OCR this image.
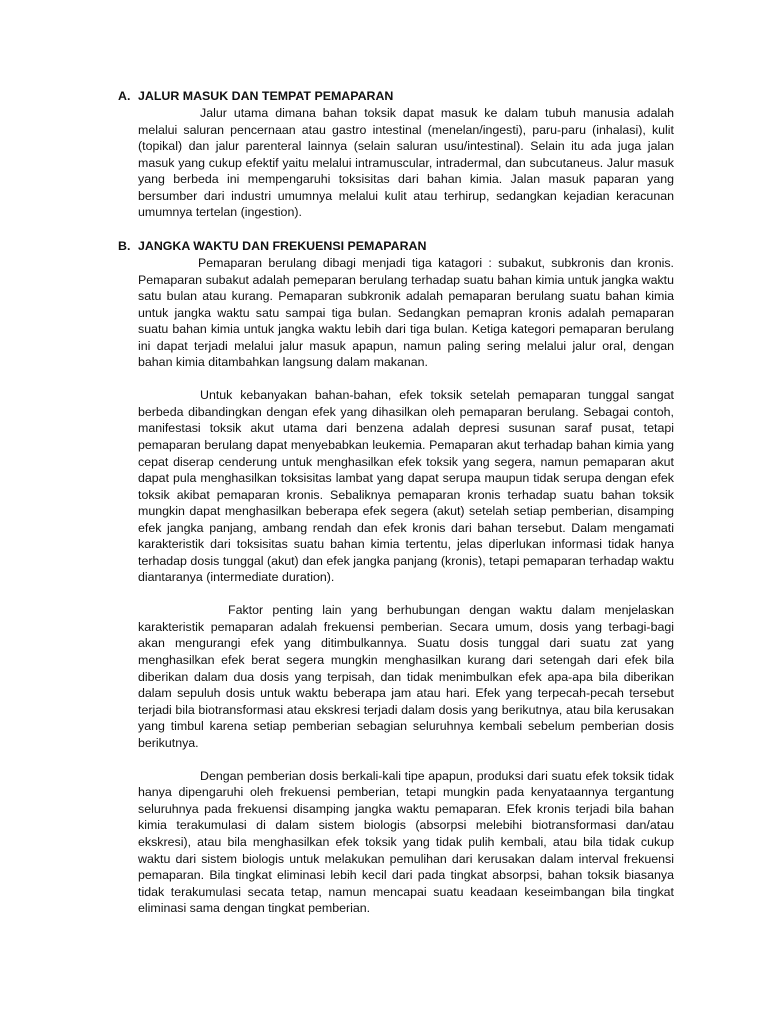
A. JALUR MASUK DAN TEMPAT PEMAPARAN

Jalur utama dimana bahan toksik dapat masuk ke dalam tubuh manusia adalah melalui saluran pencernaan atau gastro intestinal (menelan/ingesti), paru-paru (inhalasi), kulit (topikal) dan jalur parenteral lainnya (selain saluran usu/intestinal). Selain itu ada juga jalan masuk yang cukup efektif yaitu melalui intramuscular, intradermal, dan subcutaneus. Jalur masuk yang berbeda ini mempengaruhi toksisitas dari bahan kimia. Jalan masuk paparan yang bersumber dari industri umumnya melalui kulit atau terhirup, sedangkan kejadian keracunan umumnya tertelan (ingestion).

B. JANGKA WAKTU DAN FREKUENSI PEMAPARAN

Pemaparan berulang dibagi menjadi tiga katagori : subakut, subkronis dan kronis. Pemaparan subakut adalah pemeparan berulang terhadap suatu bahan kimia untuk jangka waktu satu bulan atau kurang. Pemaparan subkronik adalah pemaparan berulang suatu bahan kimia untuk jangka waktu satu sampai tiga bulan. Sedangkan pemapran kronis adalah pemaparan suatu bahan kimia untuk jangka waktu lebih dari tiga bulan. Ketiga kategori pemaparan berulang ini dapat terjadi melalui jalur masuk apapun, namun paling sering melalui jalur oral, dengan bahan kimia ditambahkan langsung dalam makanan.

Untuk kebanyakan bahan-bahan, efek toksik setelah pemaparan tunggal sangat berbeda dibandingkan dengan efek yang dihasilkan oleh pemaparan berulang. Sebagai contoh, manifestasi toksik akut utama dari benzena adalah depresi susunan saraf pusat, tetapi pemaparan berulang dapat menyebabkan leukemia. Pemaparan akut terhadap bahan kimia yang cepat diserap cenderung untuk menghasilkan efek toksik yang segera, namun pemaparan akut dapat pula menghasilkan toksisitas lambat yang dapat serupa maupun tidak serupa dengan efek toksik akibat pemaparan kronis. Sebaliknya pemaparan kronis terhadap suatu bahan toksik mungkin dapat menghasilkan beberapa efek segera (akut) setelah setiap pemberian, disamping efek jangka panjang, ambang rendah dan efek kronis dari bahan tersebut. Dalam mengamati karakteristik dari toksisitas suatu bahan kimia tertentu, jelas diperlukan informasi tidak hanya terhadap dosis tunggal (akut) dan efek jangka panjang (kronis), tetapi pemaparan terhadap waktu diantaranya (intermediate duration).

Faktor penting lain yang berhubungan dengan waktu dalam menjelaskan karakteristik pemaparan adalah frekuensi pemberian. Secara umum, dosis yang terbagi-bagi akan mengurangi efek yang ditimbulkannya. Suatu dosis tunggal dari suatu zat yang menghasilkan efek berat segera mungkin menghasilkan kurang dari setengah dari efek bila diberikan dalam dua dosis yang terpisah, dan tidak menimbulkan efek apa-apa bila diberikan dalam sepuluh dosis untuk waktu beberapa jam atau hari. Efek yang terpecah-pecah tersebut terjadi bila biotransformasi atau ekskresi terjadi dalam dosis yang berikutnya, atau bila kerusakan yang timbul karena setiap pemberian sebagian seluruhnya kembali sebelum pemberian dosis berikutnya.

Dengan pemberian dosis berkali-kali tipe apapun, produksi dari suatu efek toksik tidak hanya dipengaruhi oleh frekuensi pemberian, tetapi mungkin pada kenyataannya tergantung seluruhnya pada frekuensi disamping jangka waktu pemaparan. Efek kronis terjadi bila bahan kimia terakumulasi di dalam sistem biologis (absorpsi melebihi biotransformasi dan/atau ekskresi), atau bila menghasilkan efek toksik yang tidak pulih kembali, atau bila tidak cukup waktu dari sistem biologis untuk melakukan pemulihan dari kerusakan dalam interval frekuensi pemaparan. Bila tingkat eliminasi lebih kecil dari pada tingkat absorpsi, bahan toksik biasanya tidak terakumulasi secata tetap, namun mencapai suatu keadaan keseimbangan bila tingkat eliminasi sama dengan tingkat pemberian.
